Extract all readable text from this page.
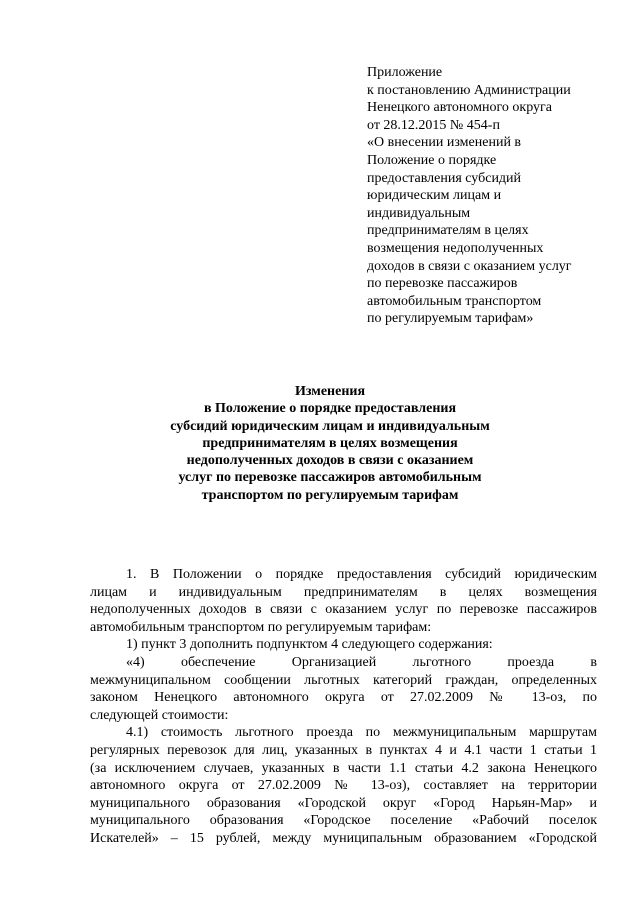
Приложение
к постановлению Администрации
Ненецкого автономного округа
от 28.12.2015 № 454-п
«О внесении изменений в
Положение о порядке
предоставления субсидий
юридическим лицам и
индивидуальным
предпринимателям в целях
возмещения недополученных
доходов в связи с оказанием услуг
по перевозке пассажиров
автомобильным транспортом
по регулируемым тарифам»
Изменения
в Положение о порядке предоставления
субсидий юридическим лицам и индивидуальным
предпринимателям в целях возмещения
недополученных доходов в связи с оказанием
услуг по перевозке пассажиров автомобильным
транспортом по регулируемым тарифам
1. В Положении о порядке предоставления субсидий юридическим
лицам и индивидуальным предпринимателям в целях возмещения
недополученных доходов в связи с оказанием услуг по перевозке пассажиров
автомобильным транспортом по регулируемым тарифам:
1) пункт 3 дополнить подпунктом 4 следующего содержания:
«4) обеспечение Организацией льготного проезда в
межмуниципальном сообщении льготных категорий граждан, определенных
законом Ненецкого автономного округа от 27.02.2009 № 13-оз, по
следующей стоимости:
4.1) стоимость льготного проезда по межмуниципальным маршрутам
регулярных перевозок для лиц, указанных в пунктах 4 и 4.1 части 1 статьи 1
(за исключением случаев, указанных в части 1.1 статьи 4.2 закона Ненецкого
автономного округа от 27.02.2009 № 13-оз), составляет на территории
муниципального образования «Городской округ «Город Нарьян-Мар» и
муниципального образования «Городское поселение «Рабочий поселок
Искателей» – 15 рублей, между муниципальным образованием «Городской
